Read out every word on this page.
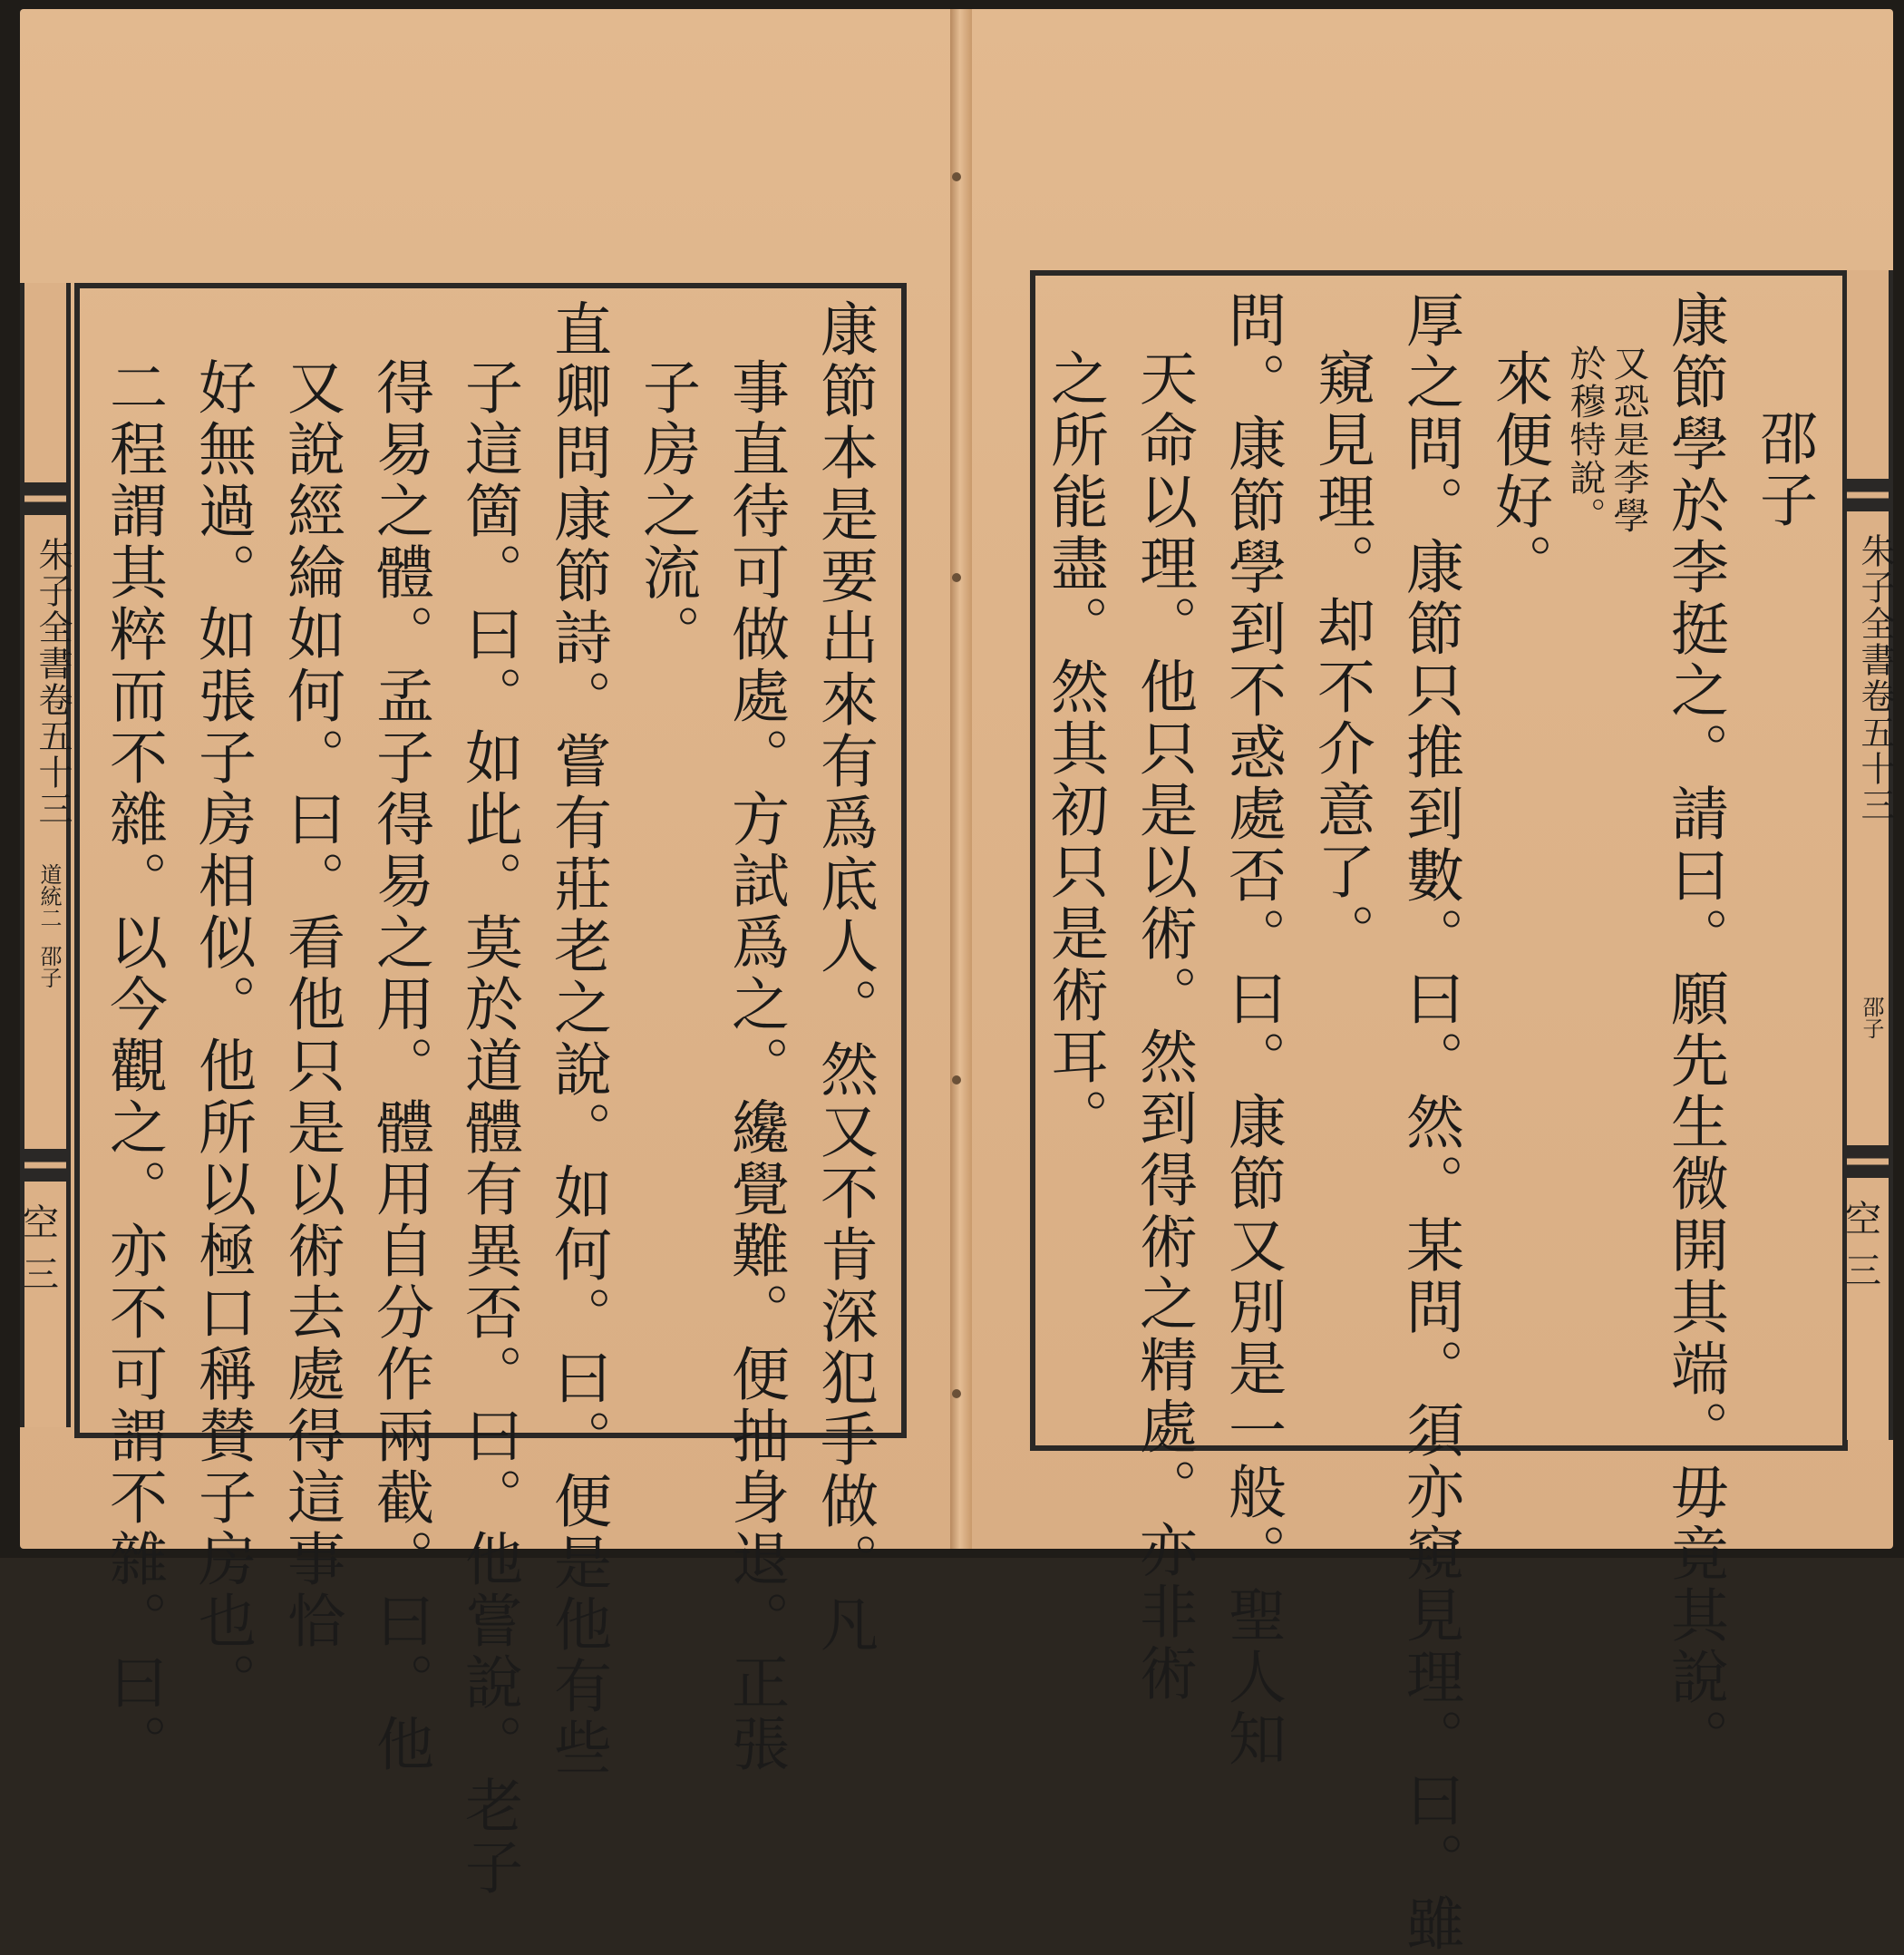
朱子全書卷五十三
道統二
邵子
空三	康節本是要出來有爲底人。然又不肯深犯手做。凡
事直待可做處。方試爲之。纔覺難。便抽身退。正張
子房之流。
直卿問康節詩。嘗有莊老之說。如何。曰。便是他有些
子這箇。曰。如此。莫於道體有異否。曰。他嘗說。老子
得易之體。孟子得易之用。體用自分作兩截。曰。他
又說經綸如何。曰。看他只是以術去處得這事恰
好無過。如張子房相似。他所以極口稱賛子房也。
二程謂其粹而不雜。以今觀之。亦不可謂不雜。曰。	邵子
康節學於李挺之。請曰。願先生微開其端。毋竟其說。
又恐是李學
於穆特說。
來便好。
厚之問。康節只推到數。曰。然。某問。須亦窺見理。曰。雖
窺見理。却不介意了。
問。康節學到不惑處否。曰。康節又別是一般。聖人知
天命以理。他只是以術。然到得術之精處。亦非術
之所能盡。然其初只是術耳。	朱子全書卷五十三
邵子
空三
